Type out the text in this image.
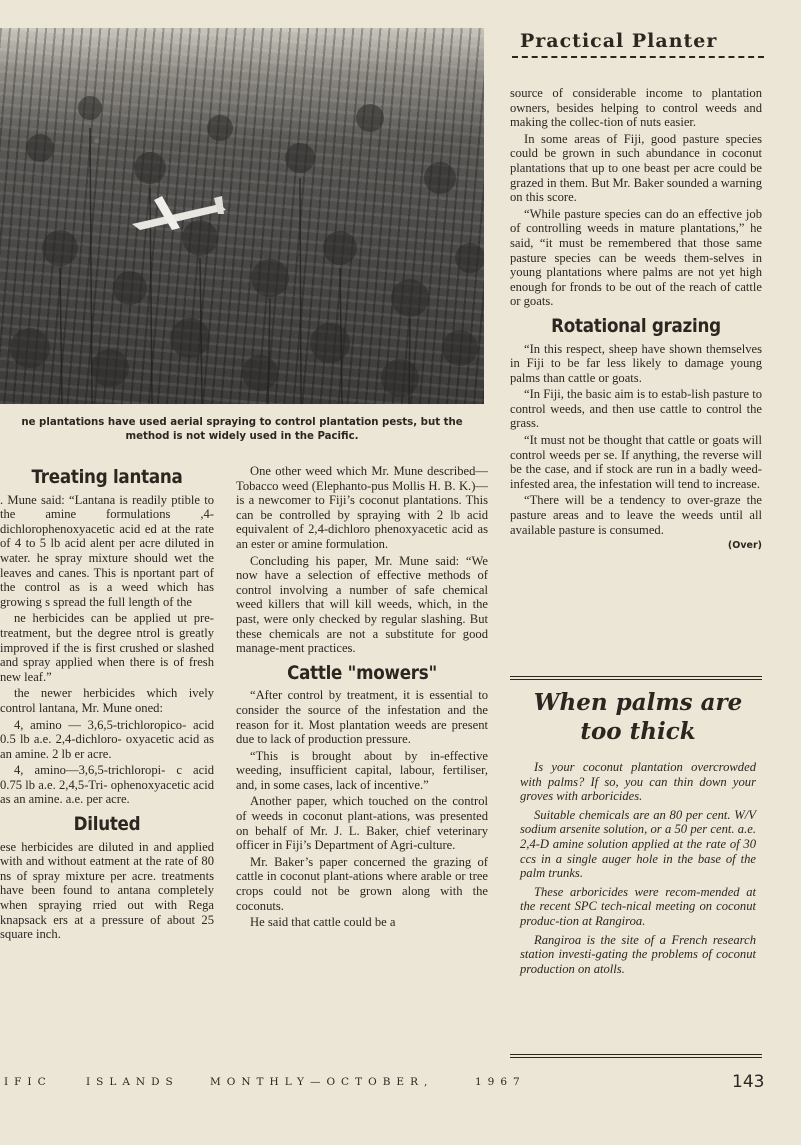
Practical Planter
ne plantations have used aerial spraying to control plantation pests, but the method is not widely used in the Pacific.
Treating lantana

. Mune said: “Lantana is readily ptible to the amine formulations ,4-dichlorophenoxyacetic acid ed at the rate of 4 to 5 lb acid alent per acre diluted in water. he spray mixture should wet the leaves and canes. This is nportant part of the control as is a weed which has growing s spread the full length of the

ne herbicides can be applied ut pre-treatment, but the degree ntrol is greatly improved if the is first crushed or slashed and spray applied when there is of fresh new leaf.”

the newer herbicides which ively control lantana, Mr. Mune oned:

4, amino — 3,6,5-trichloropico- acid 0.5 lb a.e. 2,4-dichloro- oxyacetic acid as an amine. 2 lb er acre.

4, amino—3,6,5-trichloropi- c acid 0.75 lb a.e. 2,4,5-Tri- ophenoxyacetic acid as an amine. a.e. per acre.

Diluted

ese herbicides are diluted in and applied with and without eatment at the rate of 80 ns of spray mixture per acre. treatments have been found to antana completely when spraying rried out with Rega knapsack ers at a pressure of about 25 square inch.

One other weed which Mr. Mune described—Tobacco weed (Elephanto-pus Mollis H. B. K.)—is a newcomer to Fiji’s coconut plantations. This can be controlled by spraying with 2 lb acid equivalent of 2,4-dichloro phenoxyacetic acid as an ester or amine formulation.

Concluding his paper, Mr. Mune said: “We now have a selection of effective methods of control involving a number of safe chemical weed killers that will kill weeds, which, in the past, were only checked by regular slashing. But these chemicals are not a substitute for good manage-ment practices.

Cattle "mowers"

“After control by treatment, it is essential to consider the source of the infestation and the reason for it. Most plantation weeds are present due to lack of production pressure.

“This is brought about by in-effective weeding, insufficient capital, labour, fertiliser, and, in some cases, lack of incentive.”

Another paper, which touched on the control of weeds in coconut plant-ations, was presented on behalf of Mr. J. L. Baker, chief veterinary officer in Fiji’s Department of Agri-culture.

Mr. Baker’s paper concerned the grazing of cattle in coconut plant-ations where arable or tree crops could not be grown along with the coconuts.

He said that cattle could be a

source of considerable income to plantation owners, besides helping to control weeds and making the collec-tion of nuts easier.

In some areas of Fiji, good pasture species could be grown in such abundance in coconut plantations that up to one beast per acre could be grazed in them. But Mr. Baker sounded a warning on this score.

“While pasture species can do an effective job of controlling weeds in mature plantations,” he said, “it must be remembered that those same pasture species can be weeds them-selves in young plantations where palms are not yet high enough for fronds to be out of the reach of cattle or goats.

Rotational grazing

“In this respect, sheep have shown themselves in Fiji to be far less likely to damage young palms than cattle or goats.

“In Fiji, the basic aim is to estab-lish pasture to control weeds, and then use cattle to control the grass.

“It must not be thought that cattle or goats will control weeds per se. If anything, the reverse will be the case, and if stock are run in a badly weed-infested area, the infestation will tend to increase.

“There will be a tendency to over-graze the pasture areas and to leave the weeds until all available pasture is consumed.

(Over)
When palms are too thick

Is your coconut plantation overcrowded with palms? If so, you can thin down your groves with arboricides.

Suitable chemicals are an 80 per cent. W/V sodium arsenite solution, or a 50 per cent. a.e. 2,4-D amine solution applied at the rate of 30 ccs in a single auger hole in the base of the palm trunks.

These arboricides were recom-mended at the recent SPC tech-nical meeting on coconut produc-tion at Rangiroa.

Rangiroa is the site of a French research station investi-gating the problems of coconut production on atolls.

IFIC	ISLANDS	MONTHLY—OCTOBER,	1967	143
